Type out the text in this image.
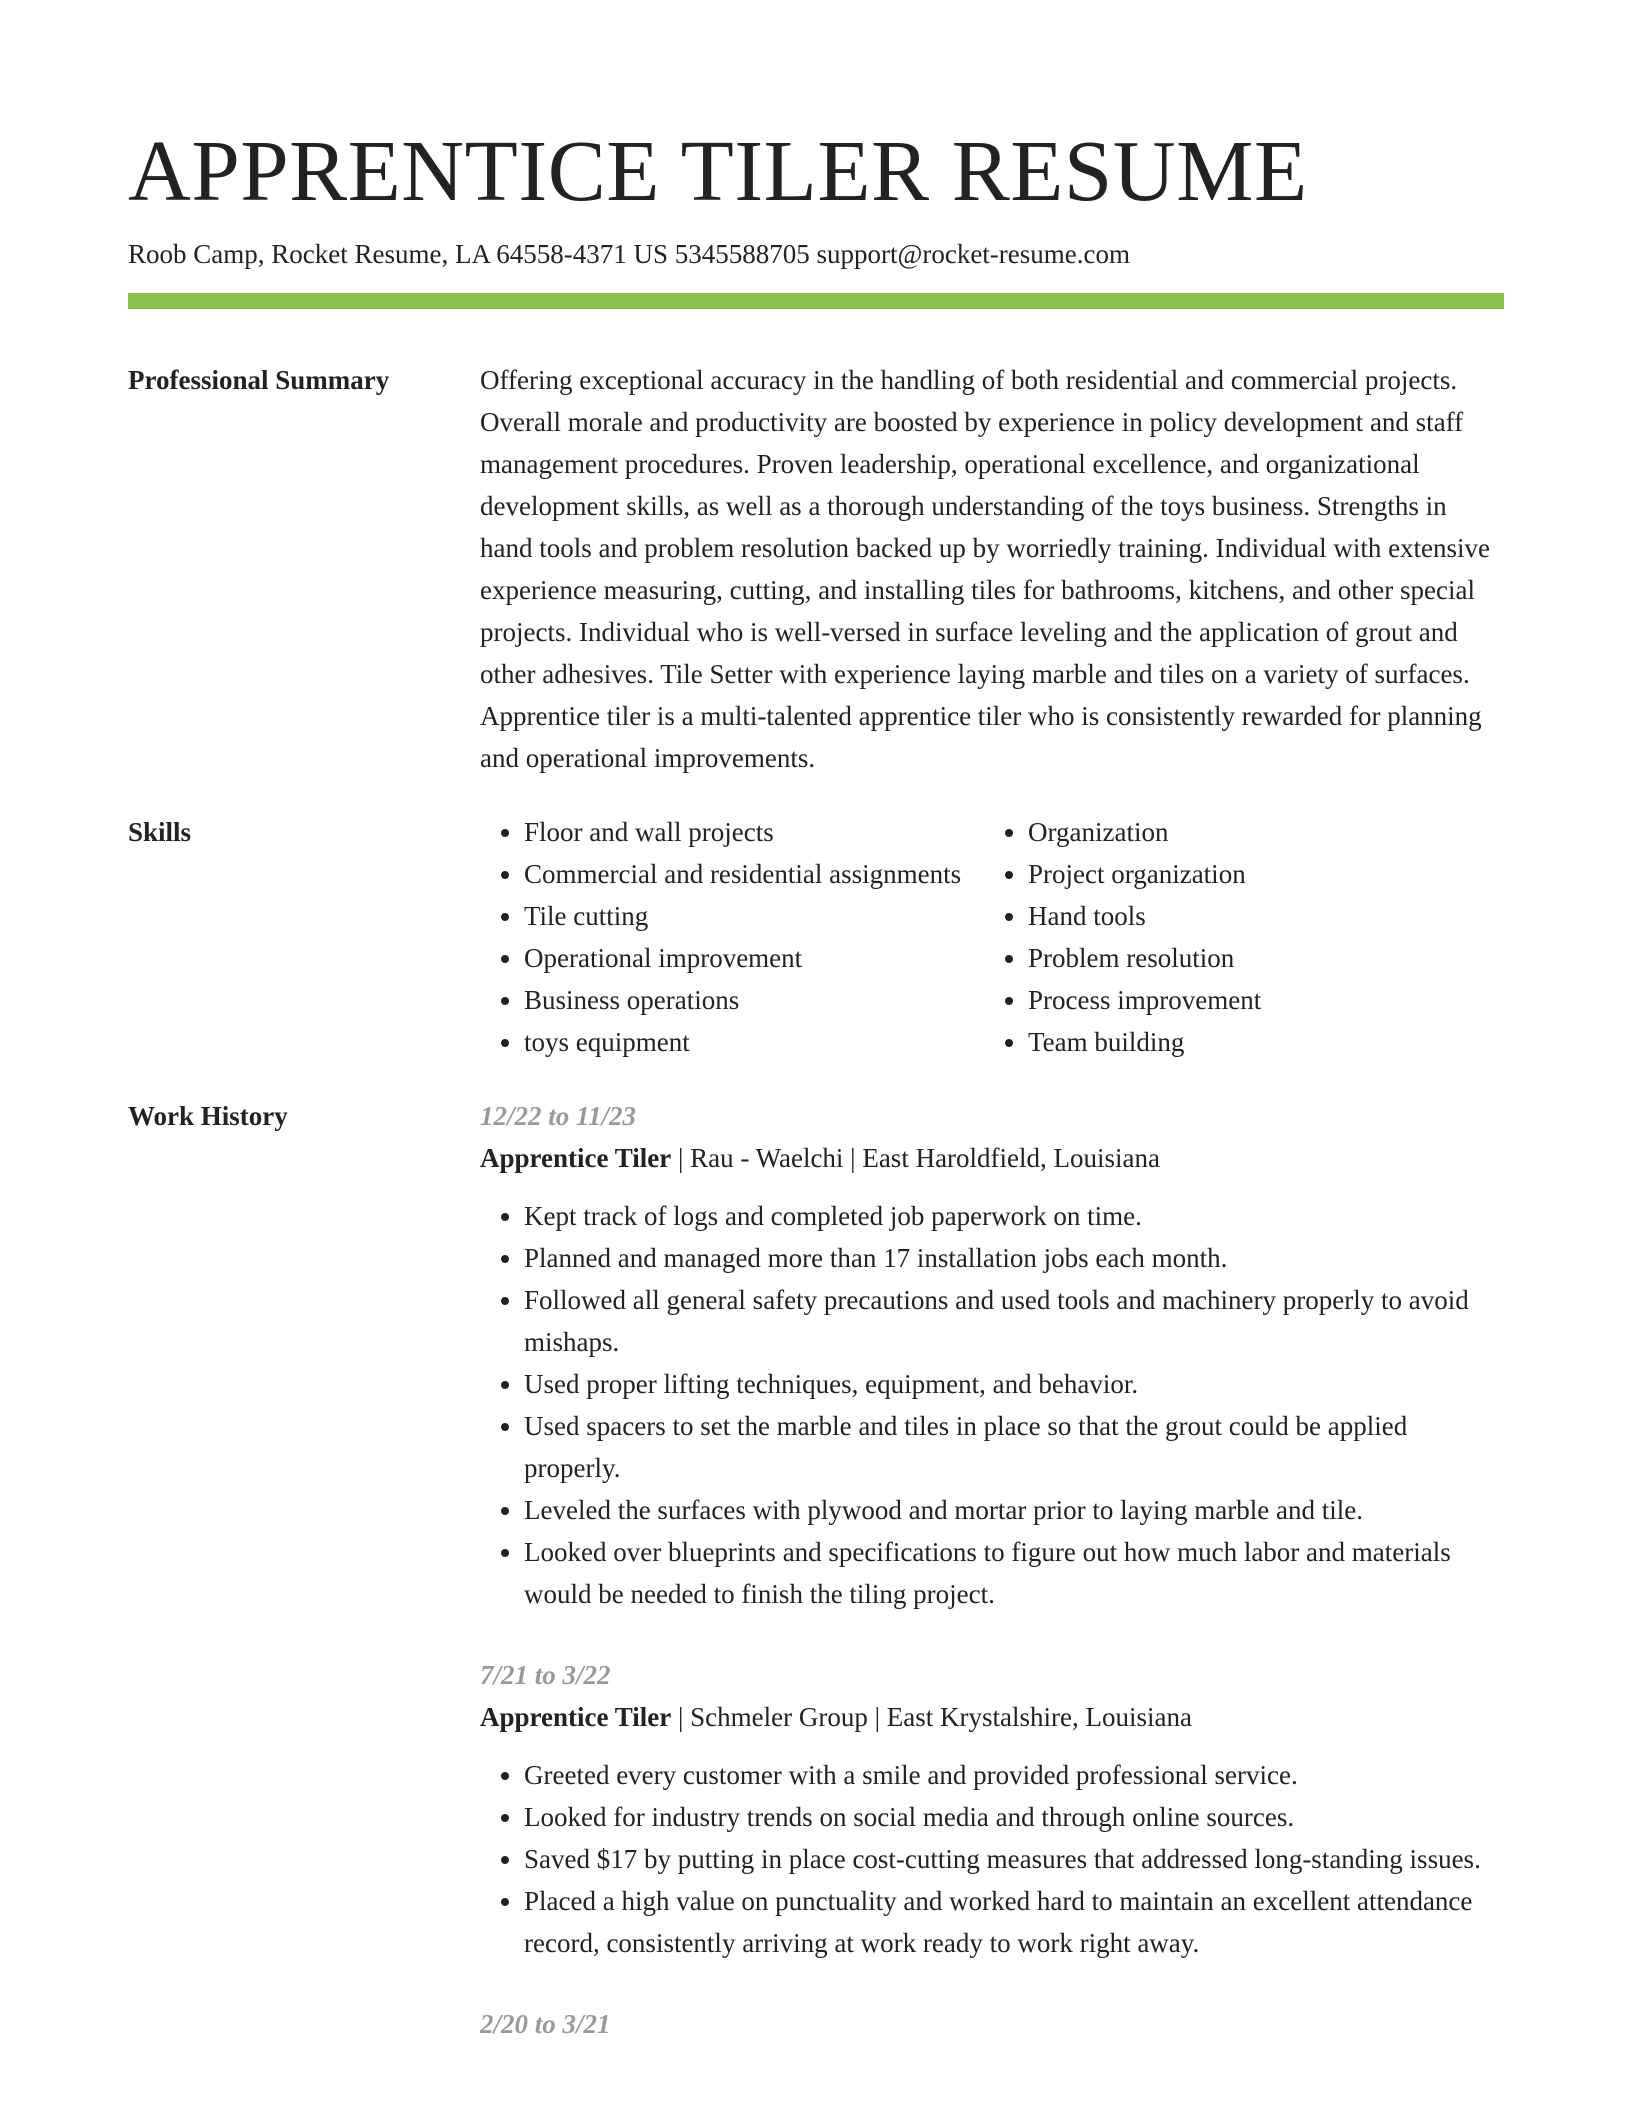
APPRENTICE TILER RESUME
Roob Camp, Rocket Resume, LA 64558-4371 US 5345588705 support@rocket-resume.com
Professional Summary	Offering exceptional accuracy in the handling of both residential and commercial projects. Overall morale and productivity are boosted by experience in policy development and staff management procedures. Proven leadership, operational excellence, and organizational development skills, as well as a thorough understanding of the toys business. Strengths in hand tools and problem resolution backed up by worriedly training. Individual with extensive experience measuring, cutting, and installing tiles for bathrooms, kitchens, and other special projects. Individual who is well-versed in surface leveling and the application of grout and other adhesives. Tile Setter with experience laying marble and tiles on a variety of surfaces. Apprentice tiler is a multi-talented apprentice tiler who is consistently rewarded for planning and operational improvements.

Skills
•	Floor and wall projects
• Commercial and residential assignments
• Tile cutting
• Operational improvement
• Business operations
• toys equipment
• Organization
• Project organization
• Hand tools
• Problem resolution
• Process improvement
• Team building
Work History	12/22 to 11/23
Apprentice Tiler | Rau - Waelchi | East Haroldfield, Louisiana
• Kept track of logs and completed job paperwork on time.
• Planned and managed more than 17 installation jobs each month.
• Followed all general safety precautions and used tools and machinery properly to avoid mishaps.
• Used proper lifting techniques, equipment, and behavior.
• Used spacers to set the marble and tiles in place so that the grout could be applied properly.
• Leveled the surfaces with plywood and mortar prior to laying marble and tile.
• Looked over blueprints and specifications to figure out how much labor and materials would be needed to finish the tiling project.
7/21 to 3/22
Apprentice Tiler | Schmeler Group | East Krystalshire, Louisiana
• Greeted every customer with a smile and provided professional service.
• Looked for industry trends on social media and through online sources.
• Saved $17 by putting in place cost-cutting measures that addressed long-standing issues.
• Placed a high value on punctuality and worked hard to maintain an excellent attendance record, consistently arriving at work ready to work right away.
2/20 to 3/21
